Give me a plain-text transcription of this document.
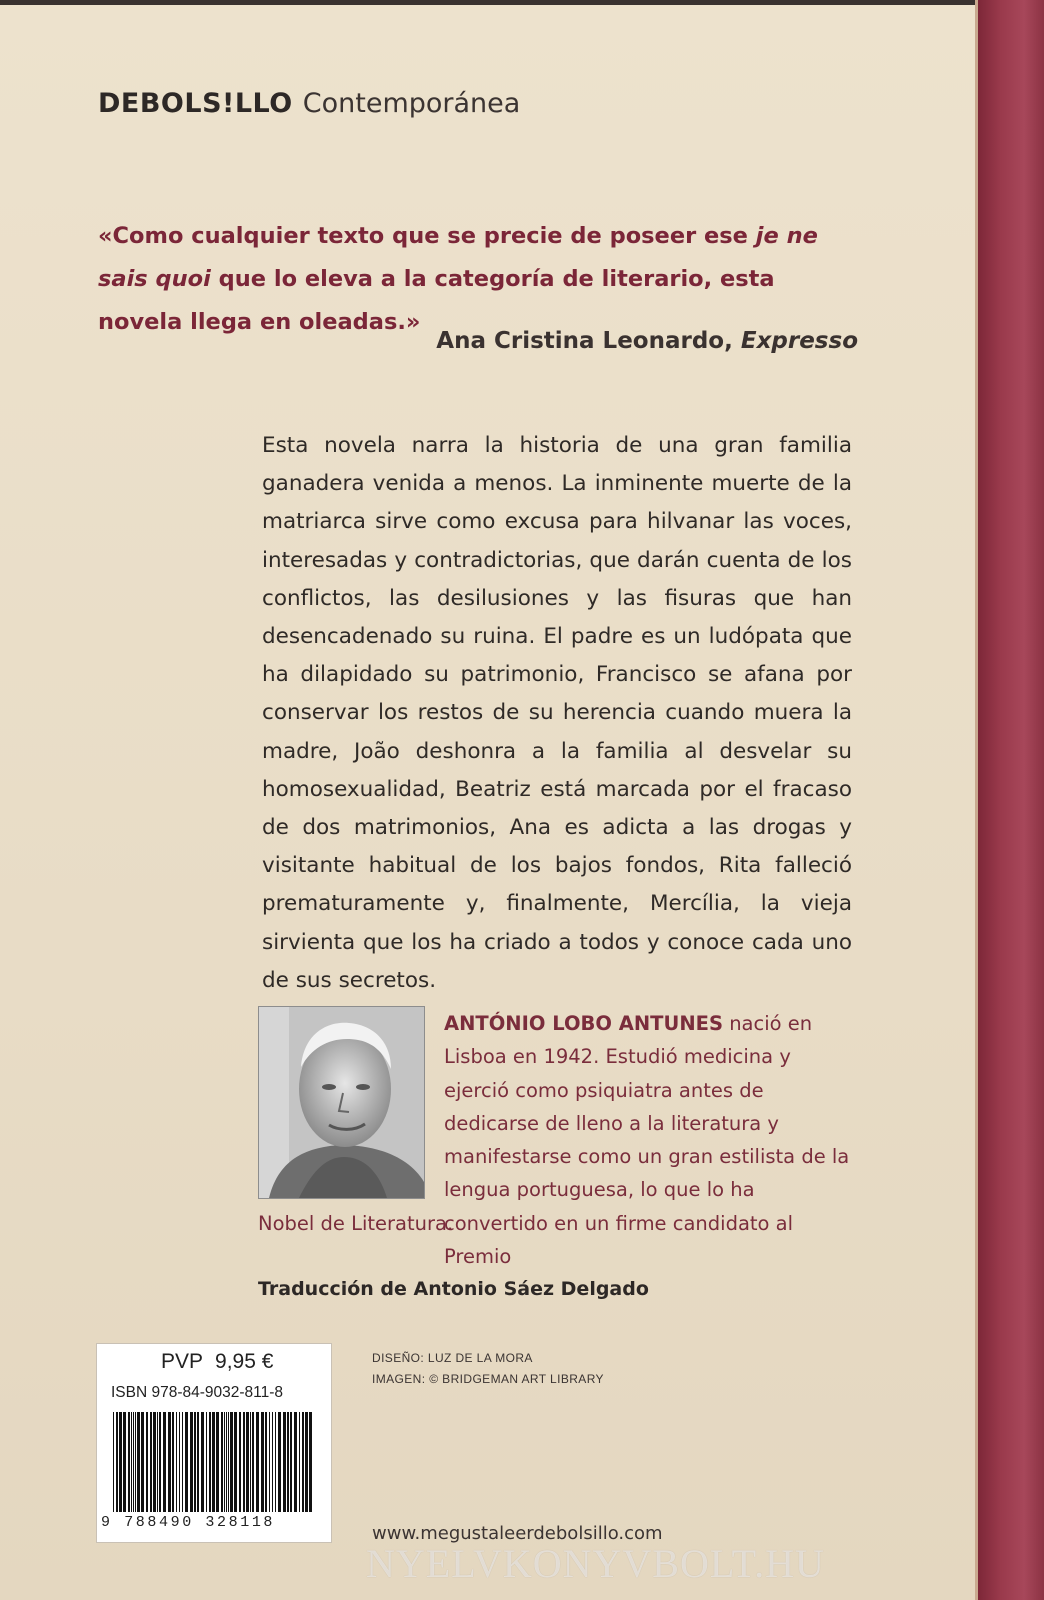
DEBOLS!LLO Contemporánea
«Como cualquier texto que se precie de poseer ese je ne sais quoi que lo eleva a la categoría de literario, esta novela llega en oleadas.»
Ana Cristina Leonardo, Expresso
Esta novela narra la historia de una gran familia ganadera venida a menos. La inminente muerte de la matriarca sirve como excusa para hilvanar las voces, interesadas y contradictorias, que darán cuenta de los conflictos, las desilusiones y las fisuras que han desencadenado su ruina. El padre es un ludópata que ha dilapidado su patrimonio, Francisco se afana por conservar los restos de su herencia cuando muera la madre, João deshonra a la familia al desvelar su homosexualidad, Beatriz está marcada por el fracaso de dos matrimonios, Ana es adicta a las drogas y visitante habitual de los bajos fondos, Rita falleció prematuramente y, finalmente, Mercília, la vieja sirvienta que los ha criado a todos y conoce cada uno de sus secretos.
ANTÓNIO LOBO ANTUNES nació en Lisboa en 1942. Estudió medicina y ejerció como psiquiatra antes de dedicarse de lleno a la literatura y manifestarse como un gran estilista de la lengua portuguesa, lo que lo ha convertido en un firme candidato al Premio
Nobel de Literatura.
Traducción de Antonio Sáez Delgado
PVP 9,95 €
ISBN 978-84-9032-811-8
9 788490 328118
DISEÑO: LUZ DE LA MORA
IMAGEN: © BRIDGEMAN ART LIBRARY
www.megustaleerdebolsillo.com
NYELVKONYVBOLT.HU
